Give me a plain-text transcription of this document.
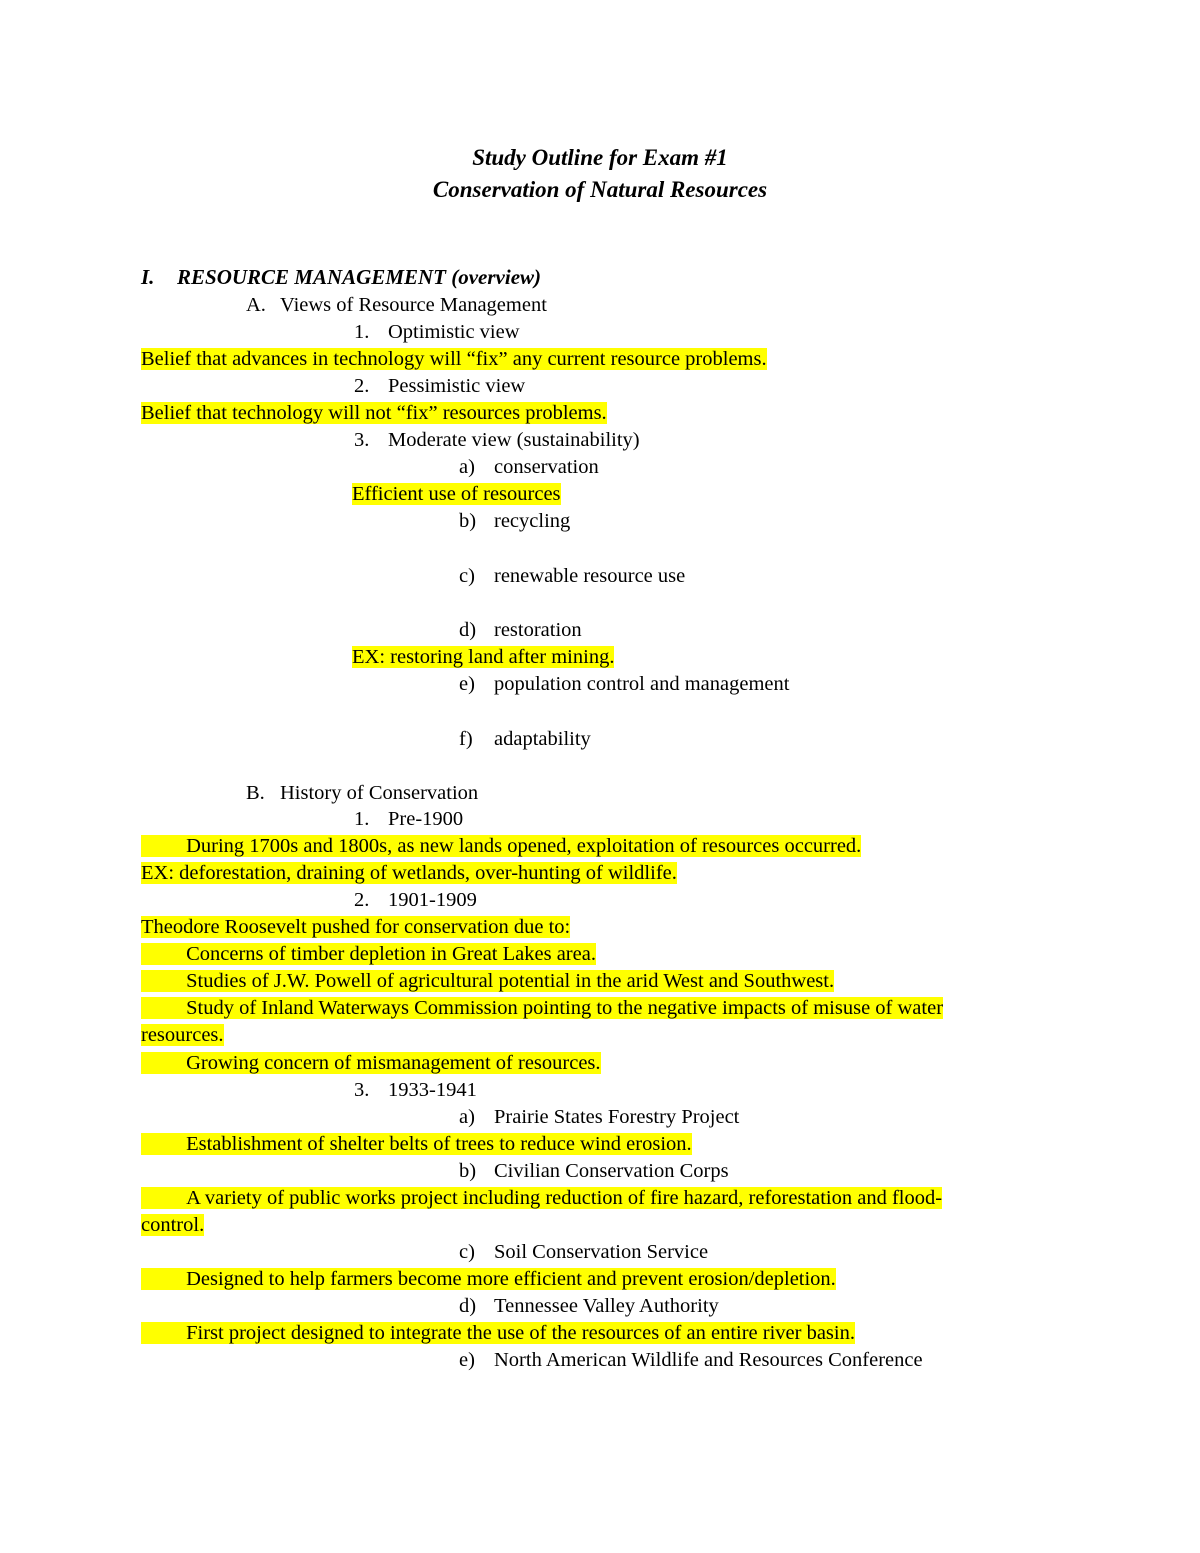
Study Outline for Exam #1
Conservation of Natural Resources
I. RESOURCE MANAGEMENT (overview)
A. Views of Resource Management
1. Optimistic view
Belief that advances in technology will “fix” any current resource problems.
2. Pessimistic view
Belief that technology will not “fix” resources problems.
3. Moderate view (sustainability)
a) conservation
Efficient use of resources
b) recycling
c) renewable resource use
d) restoration
EX: restoring land after mining.
e) population control and management
f) adaptability
B. History of Conservation
1. Pre-1900
   During 1700s and 1800s, as new lands opened, exploitation of resources occurred.
EX: deforestation, draining of wetlands, over-hunting of wildlife.
2. 1901-1909
Theodore Roosevelt pushed for conservation due to:
   Concerns of timber depletion in Great Lakes area.
   Studies of J.W. Powell of agricultural potential in the arid West and Southwest.
   Study of Inland Waterways Commission pointing to the negative impacts of misuse of water
resources.
   Growing concern of mismanagement of resources.
3. 1933-1941
a) Prairie States Forestry Project
   Establishment of shelter belts of trees to reduce wind erosion.
b) Civilian Conservation Corps
   A variety of public works project including reduction of fire hazard, reforestation and flood-
control.
c) Soil Conservation Service
   Designed to help farmers become more efficient and prevent erosion/depletion.
d) Tennessee Valley Authority
   First project designed to integrate the use of the resources of an entire river basin.
e) North American Wildlife and Resources Conference
